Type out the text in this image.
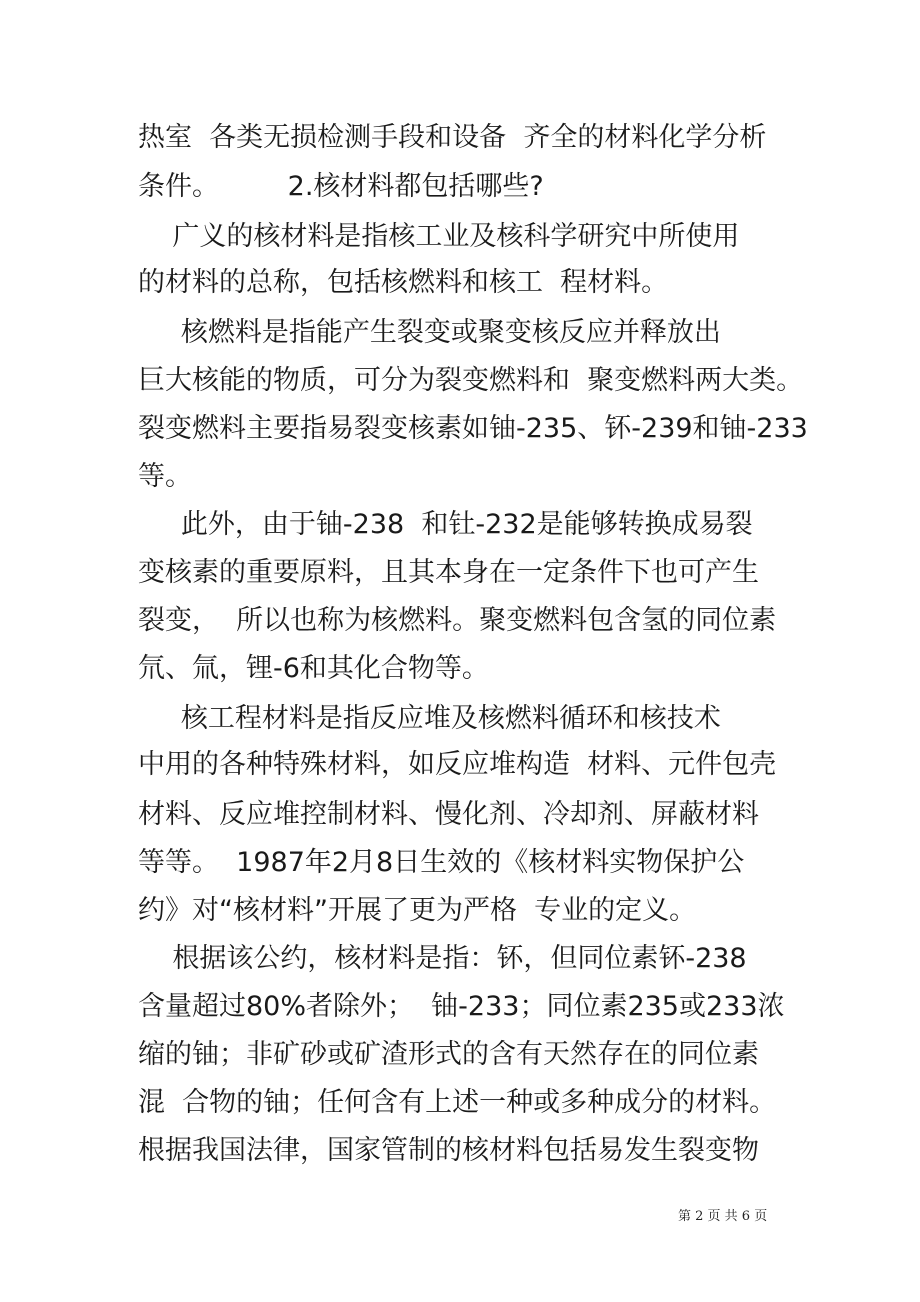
热室  各类无损检测手段和设备  齐全的材料化学分析
条件。        2.核材料都包括哪些?
广义的核材料是指核工业及核科学研究中所使用
的材料的总称，包括核燃料和核工  程材料。
核燃料是指能产生裂变或聚变核反应并释放出
巨大核能的物质，可分为裂变燃料和  聚变燃料两大类。
裂变燃料主要指易裂变核素如铀-235、钚-239和铀-233
等。
此外，由于铀-238  和钍-232是能够转换成易裂
变核素的重要原料，且其本身在一定条件下也可产生
裂变，  所以也称为核燃料。聚变燃料包含氢的同位素
氘、氚，锂-6和其化合物等。
核工程材料是指反应堆及核燃料循环和核技术
中用的各种特殊材料，如反应堆构造  材料、元件包壳
材料、反应堆控制材料、慢化剂、冷却剂、屏蔽材料
等等。  1987年2月8日生效的《核材料实物保护公
约》对“核材料”开展了更为严格  专业的定义。
根据该公约，核材料是指：钚，但同位素钚-238
含量超过80%者除外；  铀-233；同位素235或233浓
缩的铀；非矿砂或矿渣形式的含有天然存在的同位素
混  合物的铀；任何含有上述一种或多种成分的材料。
根据我国法律，国家管制的核材料包括易发生裂变物
第 2 页 共 6 页
